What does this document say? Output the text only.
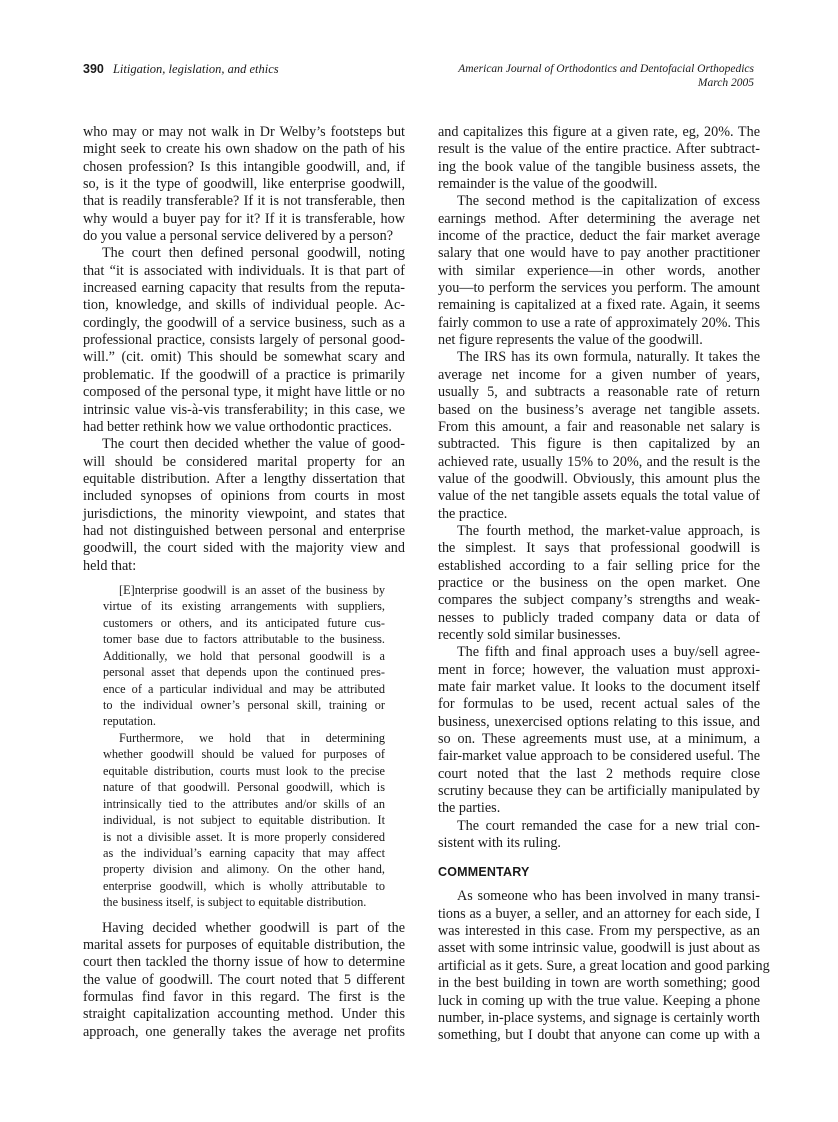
390 Litigation, legislation, and ethics	American Journal of Orthodontics and Dentofacial Orthopedics
March 2005
who may or may not walk in Dr Welby’s footsteps but
might seek to create his own shadow on the path of his
chosen profession? Is this intangible goodwill, and, if
so, is it the type of goodwill, like enterprise goodwill,
that is readily transferable? If it is not transferable, then
why would a buyer pay for it? If it is transferable, how
do you value a personal service delivered by a person?
The court then defined personal goodwill, noting
that “it is associated with individuals. It is that part of
increased earning capacity that results from the reputa-
tion, knowledge, and skills of individual people. Ac-
cordingly, the goodwill of a service business, such as a
professional practice, consists largely of personal good-
will.” (cit. omit) This should be somewhat scary and
problematic. If the goodwill of a practice is primarily
composed of the personal type, it might have little or no
intrinsic value vis-à-vis transferability; in this case, we
had better rethink how we value orthodontic practices.
The court then decided whether the value of good-
will should be considered marital property for an
equitable distribution. After a lengthy dissertation that
included synopses of opinions from courts in most
jurisdictions, the minority viewpoint, and states that
had not distinguished between personal and enterprise
goodwill, the court sided with the majority view and
held that:
[E]nterprise goodwill is an asset of the business by
virtue of its existing arrangements with suppliers,
customers or others, and its anticipated future cus-
tomer base due to factors attributable to the business.
Additionally, we hold that personal goodwill is a
personal asset that depends upon the continued pres-
ence of a particular individual and may be attributed
to the individual owner’s personal skill, training or
reputation.
Furthermore, we hold that in determining
whether goodwill should be valued for purposes of
equitable distribution, courts must look to the precise
nature of that goodwill. Personal goodwill, which is
intrinsically tied to the attributes and/or skills of an
individual, is not subject to equitable distribution. It
is not a divisible asset. It is more properly considered
as the individual’s earning capacity that may affect
property division and alimony. On the other hand,
enterprise goodwill, which is wholly attributable to
the business itself, is subject to equitable distribution.
Having decided whether goodwill is part of the
marital assets for purposes of equitable distribution, the
court then tackled the thorny issue of how to determine
the value of goodwill. The court noted that 5 different
formulas find favor in this regard. The first is the
straight capitalization accounting method. Under this
approach, one generally takes the average net profits
and capitalizes this figure at a given rate, eg, 20%. The
result is the value of the entire practice. After subtract-
ing the book value of the tangible business assets, the
remainder is the value of the goodwill.
The second method is the capitalization of excess
earnings method. After determining the average net
income of the practice, deduct the fair market average
salary that one would have to pay another practitioner
with similar experience—in other words, another
you—to perform the services you perform. The amount
remaining is capitalized at a fixed rate. Again, it seems
fairly common to use a rate of approximately 20%. This
net figure represents the value of the goodwill.
The IRS has its own formula, naturally. It takes the
average net income for a given number of years,
usually 5, and subtracts a reasonable rate of return
based on the business’s average net tangible assets.
From this amount, a fair and reasonable net salary is
subtracted. This figure is then capitalized by an
achieved rate, usually 15% to 20%, and the result is the
value of the goodwill. Obviously, this amount plus the
value of the net tangible assets equals the total value of
the practice.
The fourth method, the market-value approach, is
the simplest. It says that professional goodwill is
established according to a fair selling price for the
practice or the business on the open market. One
compares the subject company’s strengths and weak-
nesses to publicly traded company data or data of
recently sold similar businesses.
The fifth and final approach uses a buy/sell agree-
ment in force; however, the valuation must approxi-
mate fair market value. It looks to the document itself
for formulas to be used, recent actual sales of the
business, unexercised options relating to this issue, and
so on. These agreements must use, at a minimum, a
fair-market value approach to be considered useful. The
court noted that the last 2 methods require close
scrutiny because they can be artificially manipulated by
the parties.
The court remanded the case for a new trial con-
sistent with its ruling.
COMMENTARY
As someone who has been involved in many transi-
tions as a buyer, a seller, and an attorney for each side, I
was interested in this case. From my perspective, as an
asset with some intrinsic value, goodwill is just about as
artificial as it gets. Sure, a great location and good parking
in the best building in town are worth something; good
luck in coming up with the true value. Keeping a phone
number, in-place systems, and signage is certainly worth
something, but I doubt that anyone can come up with a
